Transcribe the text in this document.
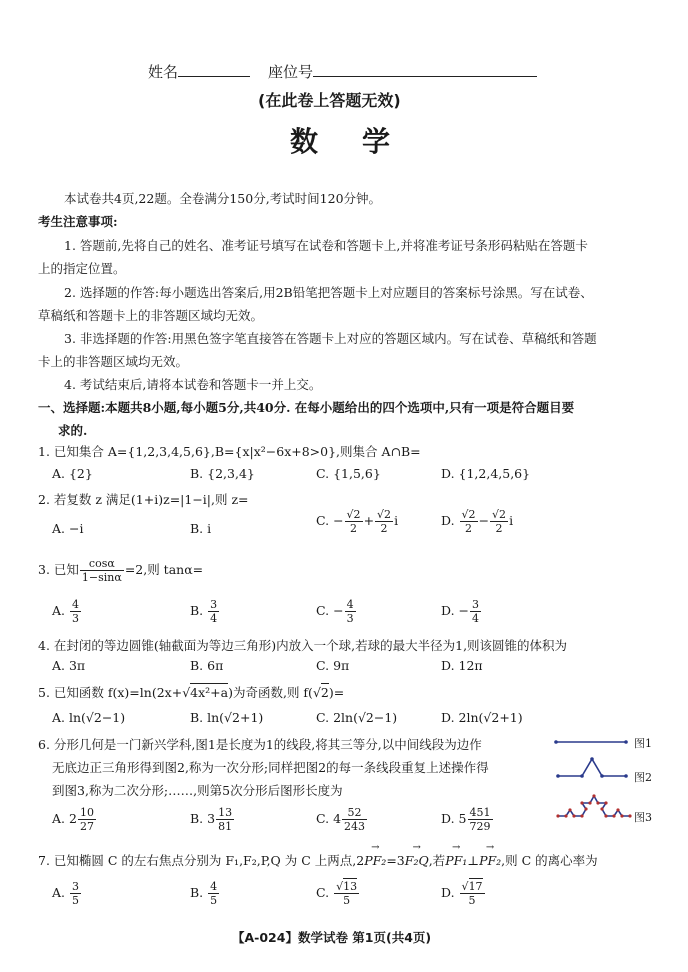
姓名	座位号
(在此卷上答题无效)
数学
本试卷共4页,22题。全卷满分150分,考试时间120分钟。
考生注意事项:
1. 答题前,先将自己的姓名、准考证号填写在试卷和答题卡上,并将准考证号条形码粘贴在答题卡
上的指定位置。
2. 选择题的作答:每小题选出答案后,用2B铅笔把答题卡上对应题目的答案标号涂黑。写在试卷、
草稿纸和答题卡上的非答题区域均无效。
3. 非选择题的作答:用黑色签字笔直接答在答题卡上对应的答题区域内。写在试卷、草稿纸和答题
卡上的非答题区域均无效。
4. 考试结束后,请将本试卷和答题卡一并上交。
一、选择题:本题共8小题,每小题5分,共40分. 在每小题给出的四个选项中,只有一项是符合题目要
求的.
1. 已知集合 A={1,2,3,4,5,6},B={x|x²−6x+8>0},则集合 A∩B=
A. {2}	B. {2,3,4}	C. {1,5,6}	D. {1,2,4,5,6}
2. 若复数 z 满足(1+i)z=|1−i|,则 z=
A. −i	B. i
C. − $\frac{√2}{2} + \frac{√2}{2}$ i	D. $\frac{√2}{2} - \frac{√2}{2}$ i
3. 已知 $\frac{\cos\alpha}{1-\sin\alpha} =2$,则 tanα=
A. $\frac{4}{3}$	B. $\frac{3}{4}$	C. − $\frac{4}{3}$	D. − $\frac{3}{4}$
4. 在封闭的等边圆锥(轴截面为等边三角形)内放入一个球,若球的最大半径为1,则该圆锥的体积为
A. 3π	B. 6π	C. 9π	D. 12π
5. 已知函数 f(x)=ln(2x+√4x²+a)为奇函数,则 f(√2)=
A. ln(√2−1)	B. ln(√2+1)	C. 2ln(√2−1)	D. 2ln(√2+1)
6. 分形几何是一门新兴学科,图1是长度为1的线段,将其三等分,以中间线段为边作
无底边正三角形得到图2,称为一次分形;同样把图2的每一条线段重复上述操作得
到图3,称为二次分形;……,则第5次分形后图形长度为
A. $2 \frac{10}{27}$	B. $3 \frac{13}{81}$	C. $4 \frac{52}{243}$	D. $5 \frac{451}{729}$
图1
图2
图3
7. 已知椭圆 C 的左右焦点分别为 F₁,F₂,P,Q 为 C 上两点,2→ PF₂=3→ F₂Q,若→ PF₁⊥→ PF₂,则 C 的离心率为
A. $\frac{3}{5}$	B. $\frac{4}{5}$	C. $\frac{√13}{5}$	D. $\frac{√17}{5}$
【A-024】数学试卷 第1页(共4页)
